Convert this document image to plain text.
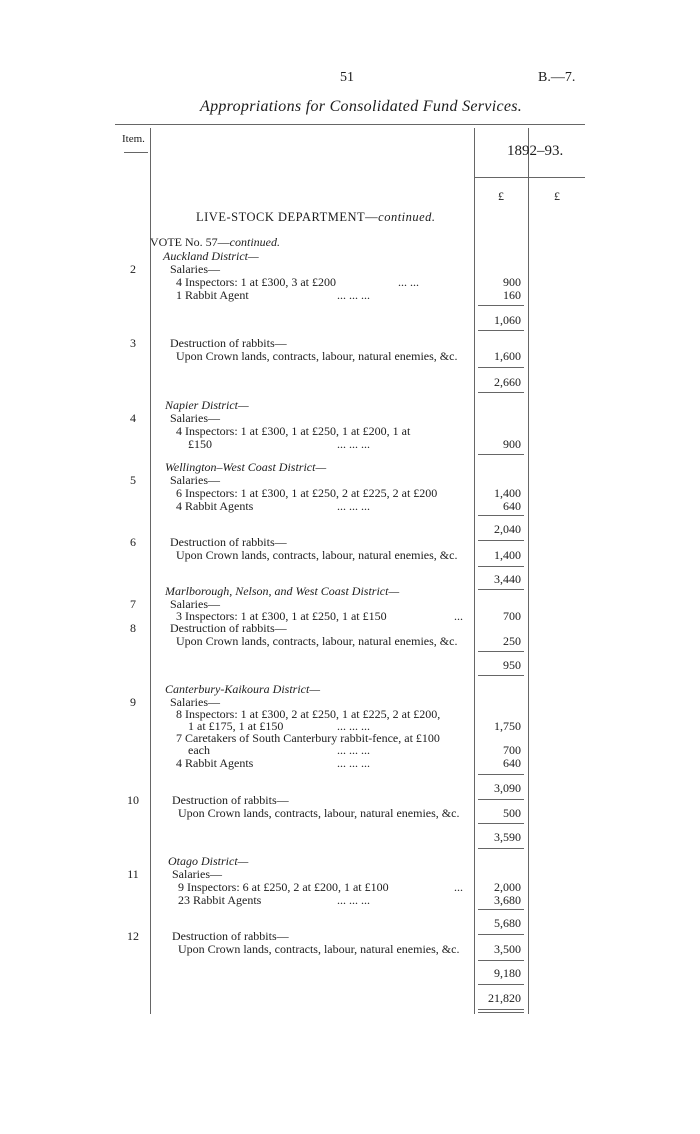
51	B.—7.
Appropriations for Consolidated Fund Services.
Item.
1892–93.
£	£
LIVE-STOCK DEPARTMENT—continued.
VOTE No. 57—continued.
Auckland District—
Salaries—
2
4 Inspectors: 1 at £300, 3 at £200	... ...	900
1 Rabbit Agent	... ... ...	160
1,060
3	Destruction of rabbits—
Upon Crown lands, contracts, labour, natural enemies, &c.	1,600
2,660
Napier District—
Salaries—
4
4 Inspectors: 1 at £300, 1 at £250, 1 at £200, 1 at
£150	... ... ...	900
Wellington–West Coast District—
Salaries—
5
6 Inspectors: 1 at £300, 1 at £250, 2 at £225, 2 at £200	1,400
4 Rabbit Agents	... ... ...	640
2,040
6	Destruction of rabbits—
Upon Crown lands, contracts, labour, natural enemies, &c.	1,400
3,440
Marlborough, Nelson, and West Coast District—
Salaries—
7
3 Inspectors: 1 at £300, 1 at £250, 1 at £150	...	700
8	Destruction of rabbits—
Upon Crown lands, contracts, labour, natural enemies, &c.	250
950
Canterbury-Kaikoura District—
Salaries—
9
8 Inspectors: 1 at £300, 2 at £250, 1 at £225, 2 at £200,
1 at £175, 1 at £150	... ... ...	1,750
7 Caretakers of South Canterbury rabbit-fence, at £100
each	... ... ...	700
4 Rabbit Agents	... ... ...	640
3,090
10	Destruction of rabbits—
Upon Crown lands, contracts, labour, natural enemies, &c.	500
3,590
Otago District—
Salaries—
11
9 Inspectors: 6 at £250, 2 at £200, 1 at £100	...	2,000
23 Rabbit Agents	... ... ...	3,680
5,680
12	Destruction of rabbits—
Upon Crown lands, contracts, labour, natural enemies, &c.	3,500
9,180
21,820
